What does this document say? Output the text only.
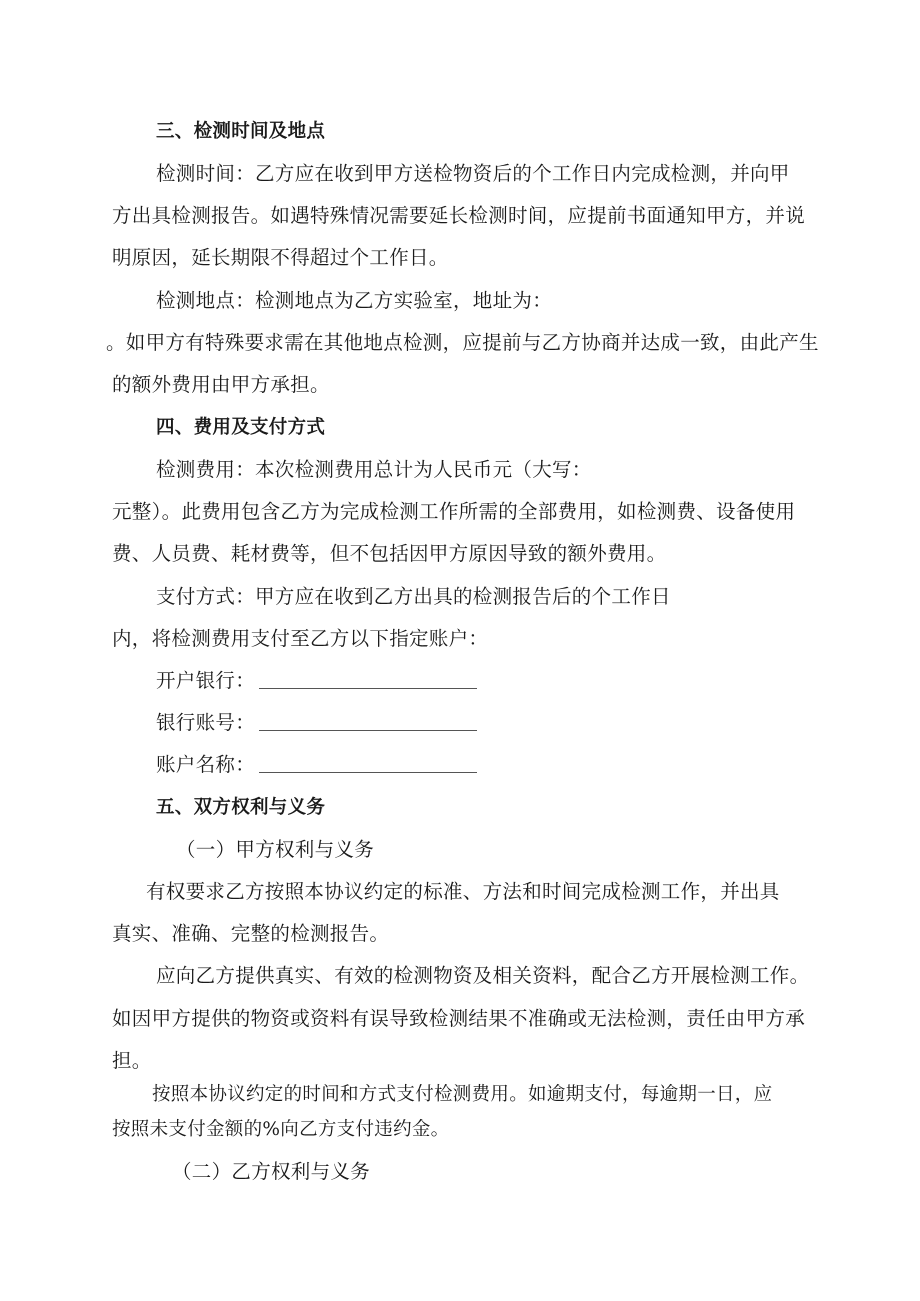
三、检测时间及地点
检测时间：乙方应在收到甲方送检物资后的个工作日内完成检测，并向甲
方出具检测报告。如遇特殊情况需要延长检测时间，应提前书面通知甲方，并说
明原因，延长期限不得超过个工作日。
检测地点：检测地点为乙方实验室，地址为：
。如甲方有特殊要求需在其他地点检测，应提前与乙方协商并达成一致，由此产生
的额外费用由甲方承担。
四、费用及支付方式
检测费用：本次检测费用总计为人民币元（大写：
元整）。此费用包含乙方为完成检测工作所需的全部费用，如检测费、设备使用
费、人员费、耗材费等，但不包括因甲方原因导致的额外费用。
支付方式：甲方应在收到乙方出具的检测报告后的个工作日
内，将检测费用支付至乙方以下指定账户：
开户银行：
银行账号：
账户名称：
五、双方权利与义务
（一）甲方权利与义务
有权要求乙方按照本协议约定的标准、方法和时间完成检测工作，并出具
真实、准确、完整的检测报告。
应向乙方提供真实、有效的检测物资及相关资料，配合乙方开展检测工作。
如因甲方提供的物资或资料有误导致检测结果不准确或无法检测，责任由甲方承
担。
按照本协议约定的时间和方式支付检测费用。如逾期支付，每逾期一日，应
按照未支付金额的%向乙方支付违约金。
（二）乙方权利与义务
